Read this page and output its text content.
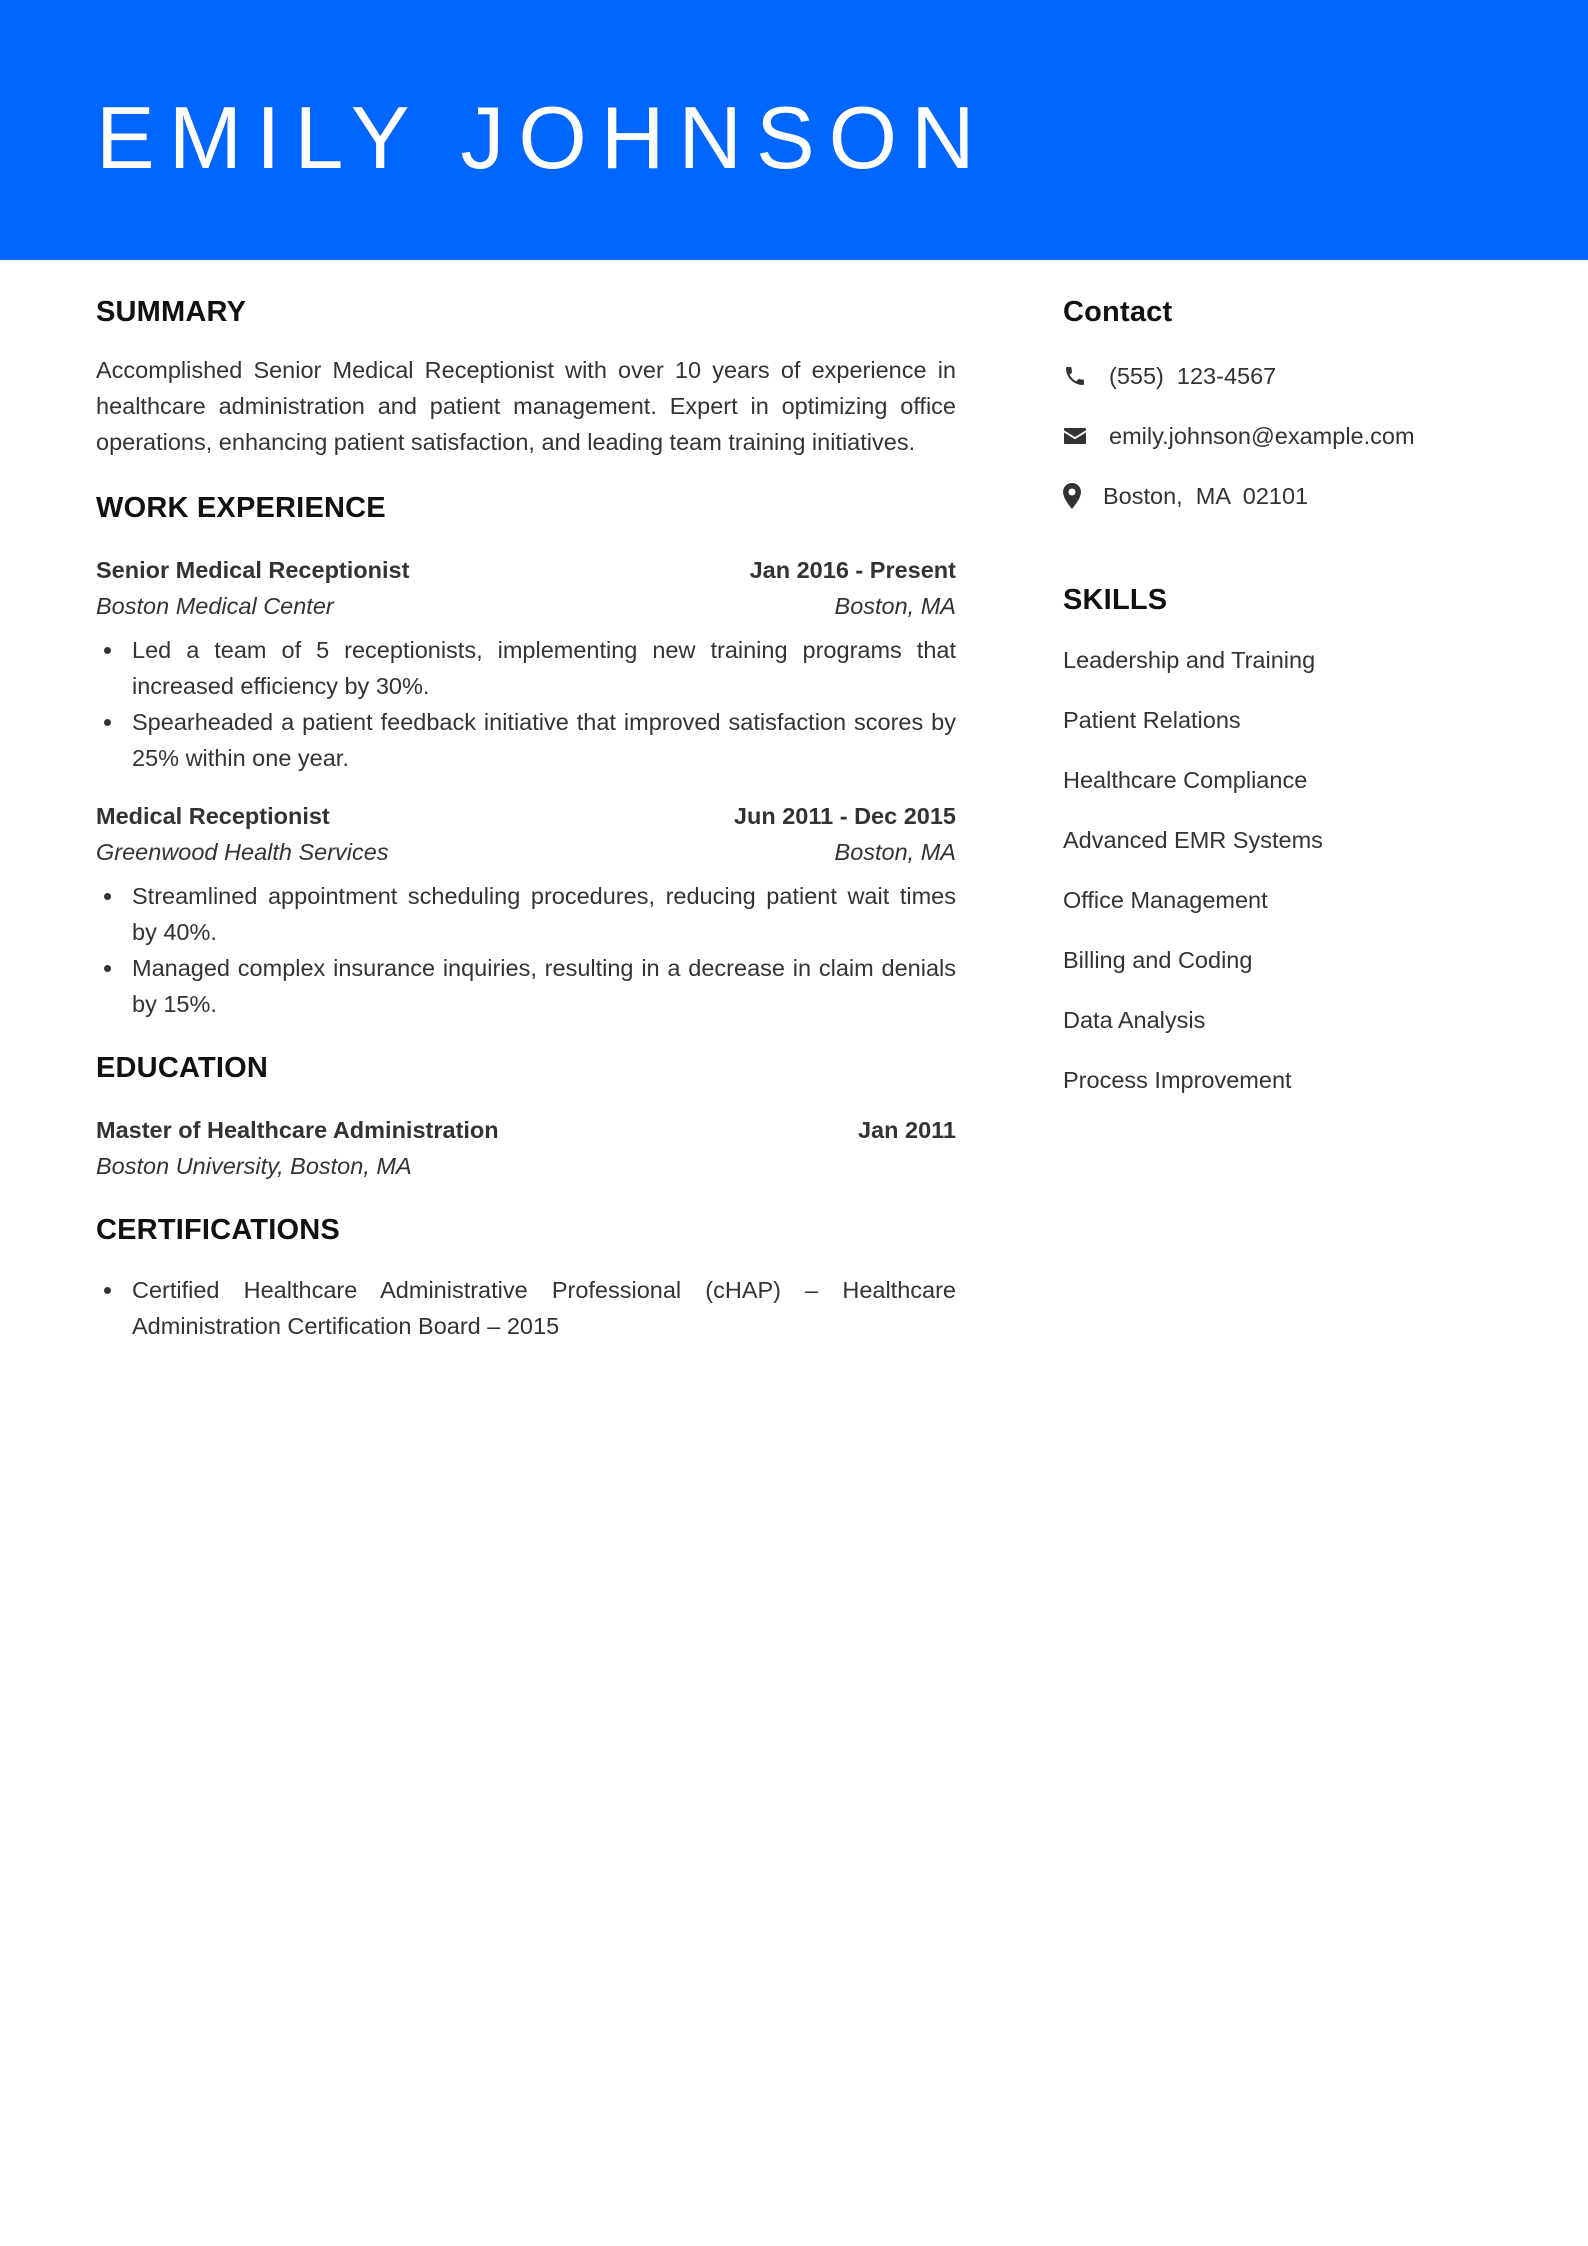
EMILY JOHNSON
SUMMARY

Accomplished Senior Medical Receptionist with over 10 years of experience in healthcare administration and patient management. Expert in optimizing office operations, enhancing patient satisfaction, and leading team training initiatives.

WORK EXPERIENCE
Senior Medical Receptionist	Jan 2016 - Present
Boston Medical Center	Boston, MA
Led a team of 5 receptionists, implementing new training programs that increased efficiency by 30%.
Spearheaded a patient feedback initiative that improved satisfaction scores by 25% within one year.
Medical Receptionist	Jun 2011 - Dec 2015
Greenwood Health Services	Boston, MA
Streamlined appointment scheduling procedures, reducing patient wait times by 40%.
Managed complex insurance inquiries, resulting in a decrease in claim denials by 15%.
EDUCATION
Master of Healthcare Administration	Jan 2011
Boston University, Boston, MA
CERTIFICATIONS
Certified Healthcare Administrative Professional (cHAP) – Healthcare Administration Certification Board – 2015
Contact
(555)  123-4567
emily.johnson@example.com
Boston,  MA  02101
SKILLS
Leadership and Training
Patient Relations
Healthcare Compliance
Advanced EMR Systems
Office Management
Billing and Coding
Data Analysis
Process Improvement
